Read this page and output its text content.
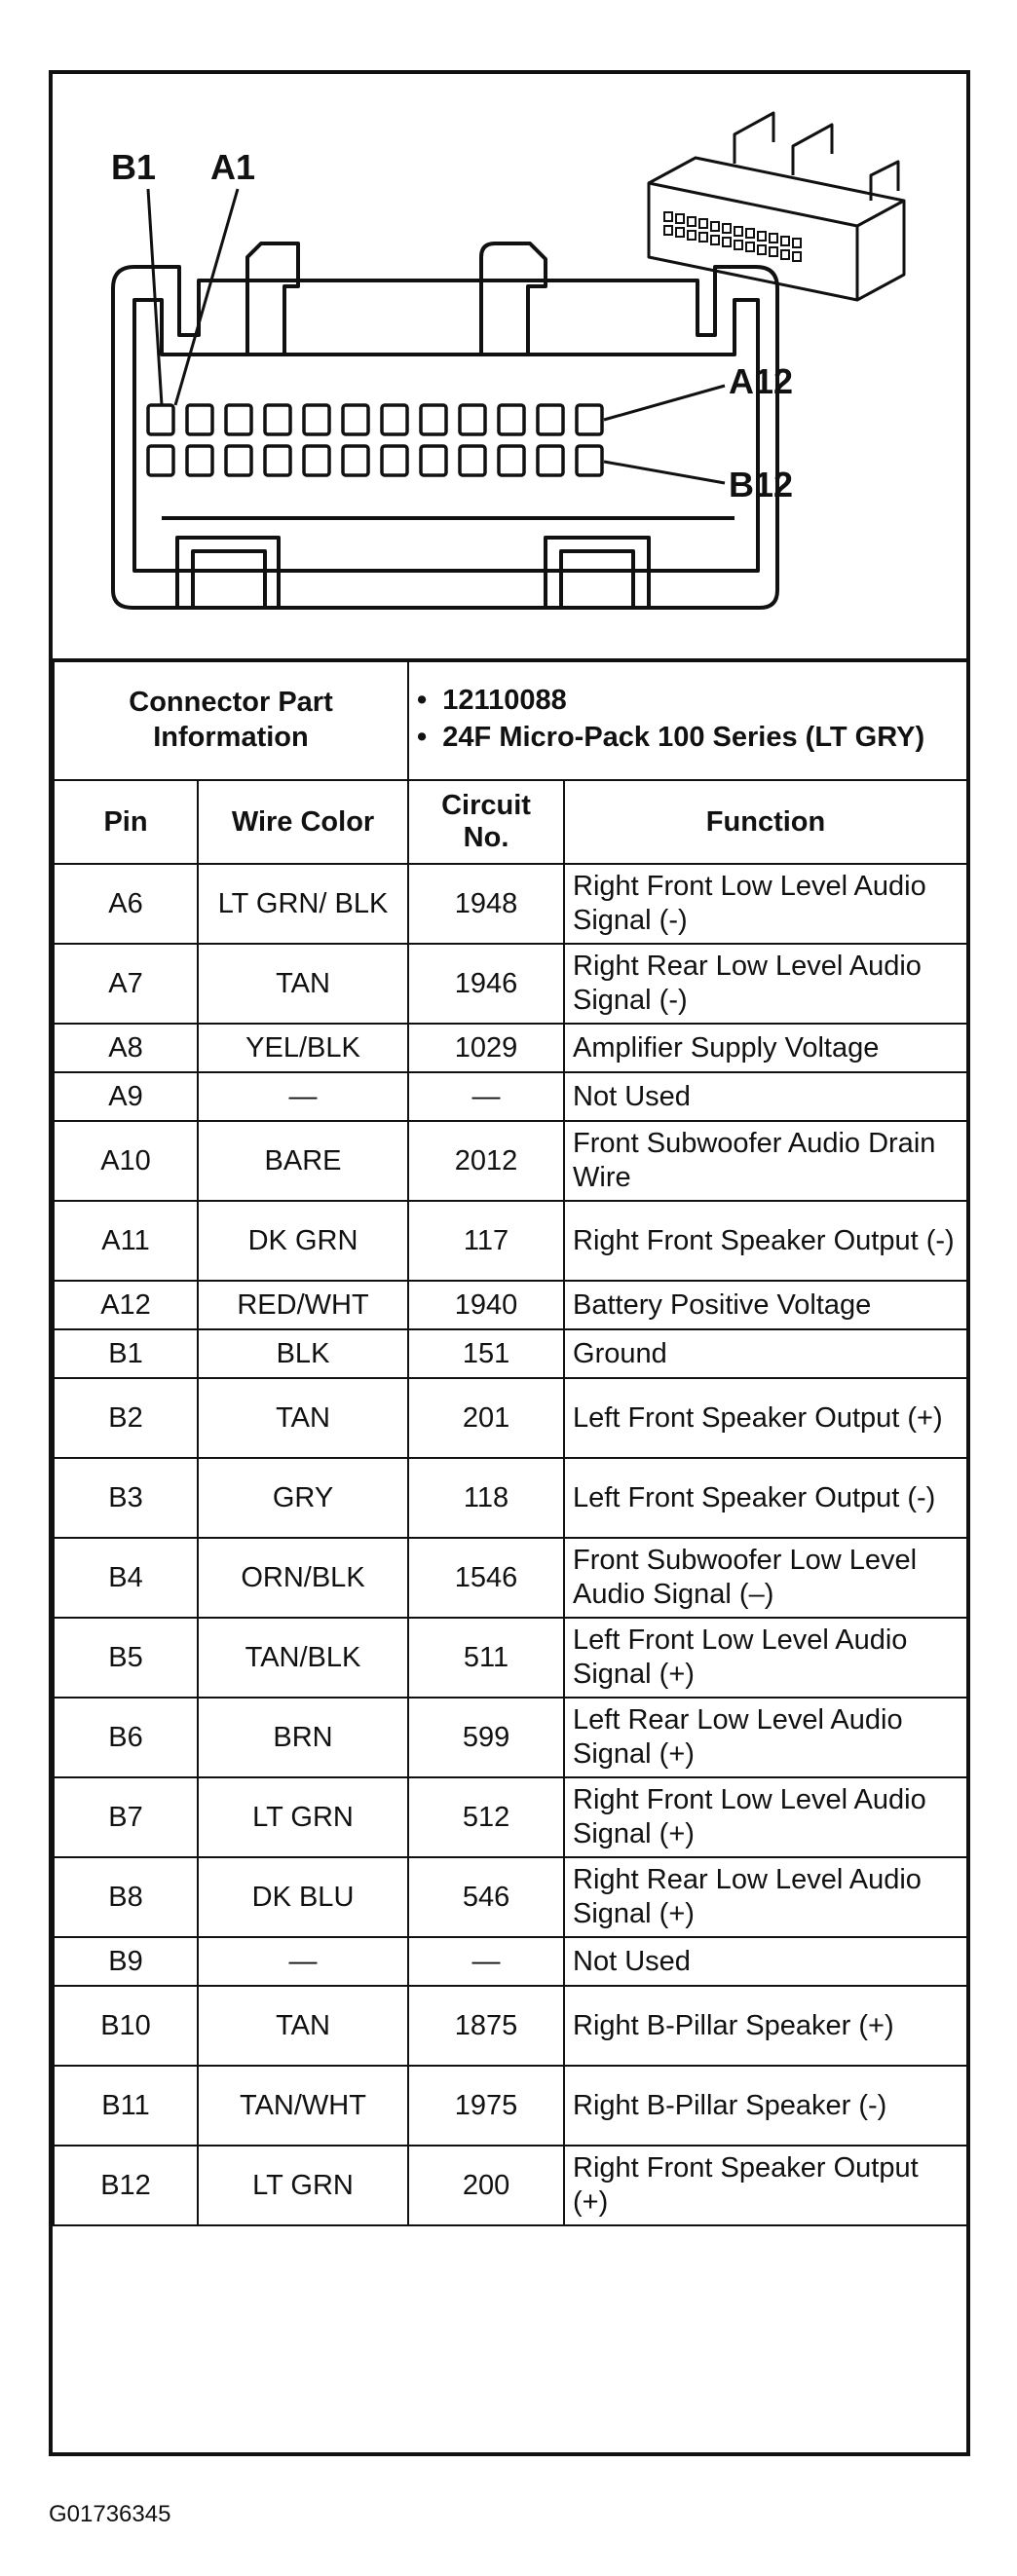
B1 A1
A12
B12
Connector Part Information		•  12110088
•  24F Micro-Pack 100 Series (LT GRY)	

Pin	Wire Color	Circuit No.	Function
A6	LT GRN/ BLK	1948	Right Front Low Level Audio Signal (-)
A7	TAN	1946	Right Rear Low Level Audio Signal (-)
A8	YEL/BLK	1029	Amplifier Supply Voltage
A9	—	—	Not Used
A10	BARE	2012	Front Subwoofer Audio Drain Wire
A11	DK GRN	117	Right Front Speaker Output (-)
A12	RED/WHT	1940	Battery Positive Voltage
B1	BLK	151	Ground
B2	TAN	201	Left Front Speaker Output (+)
B3	GRY	118	Left Front Speaker Output (-)
B4	ORN/BLK	1546	Front Subwoofer Low Level Audio Signal (–)
B5	TAN/BLK	511	Left Front Low Level Audio Signal (+)
B6	BRN	599	Left Rear Low Level Audio Signal (+)
B7	LT GRN	512	Right Front Low Level Audio Signal (+)
B8	DK BLU	546	Right Rear Low Level Audio Signal (+)
B9	—	—	Not Used
B10	TAN	1875	Right B-Pillar Speaker (+)
B11	TAN/WHT	1975	Right B-Pillar Speaker (-)
B12	LT GRN	200	Right Front Speaker Output (+)
G01736345
